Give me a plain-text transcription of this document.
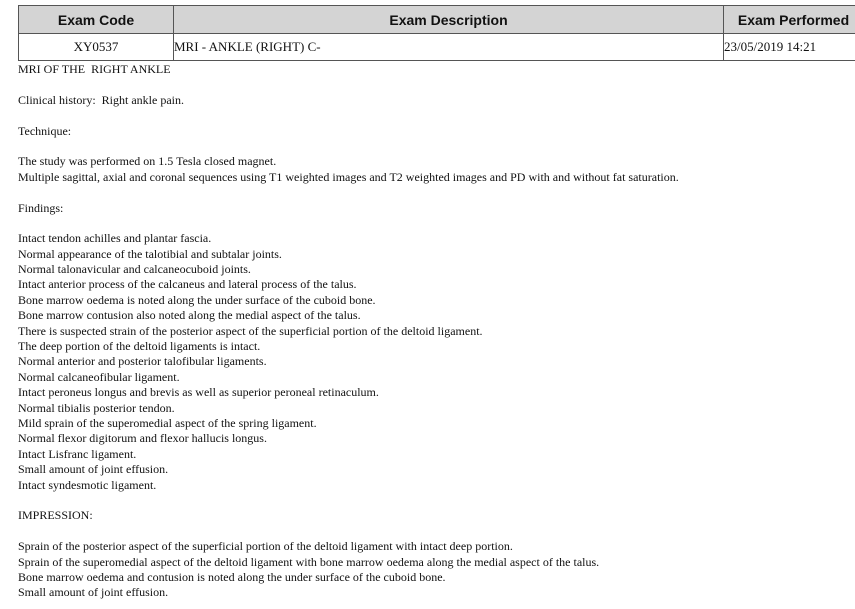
Exam Code	Exam Description	Exam Performed
XY0537	MRI - ANKLE (RIGHT) C-	23/05/2019 14:21
MRI OF THE  RIGHT ANKLE
Clinical history:  Right ankle pain.
Technique:
The study was performed on 1.5 Tesla closed magnet.
Multiple sagittal, axial and coronal sequences using T1 weighted images and T2 weighted images and PD with and without fat saturation.
Findings:
Intact tendon achilles and plantar fascia.
Normal appearance of the talotibial and subtalar joints.
Normal talonavicular and calcaneocuboid joints.
Intact anterior process of the calcaneus and lateral process of the talus.
Bone marrow oedema is noted along the under surface of the cuboid bone.
Bone marrow contusion also noted along the medial aspect of the talus.
There is suspected strain of the posterior aspect of the superficial portion of the deltoid ligament.
The deep portion of the deltoid ligaments is intact.
Normal anterior and posterior talofibular ligaments.
Normal calcaneofibular ligament.
Intact peroneus longus and brevis as well as superior peroneal retinaculum.
Normal tibialis posterior tendon.
Mild sprain of the superomedial aspect of the spring ligament.
Normal flexor digitorum and flexor hallucis longus.
Intact Lisfranc ligament.
Small amount of joint effusion.
Intact syndesmotic ligament.
IMPRESSION:
Sprain of the posterior aspect of the superficial portion of the deltoid ligament with intact deep portion.
Sprain of the superomedial aspect of the deltoid ligament with bone marrow oedema along the medial aspect of the talus.
Bone marrow oedema and contusion is noted along the under surface of the cuboid bone.
Small amount of joint effusion.
